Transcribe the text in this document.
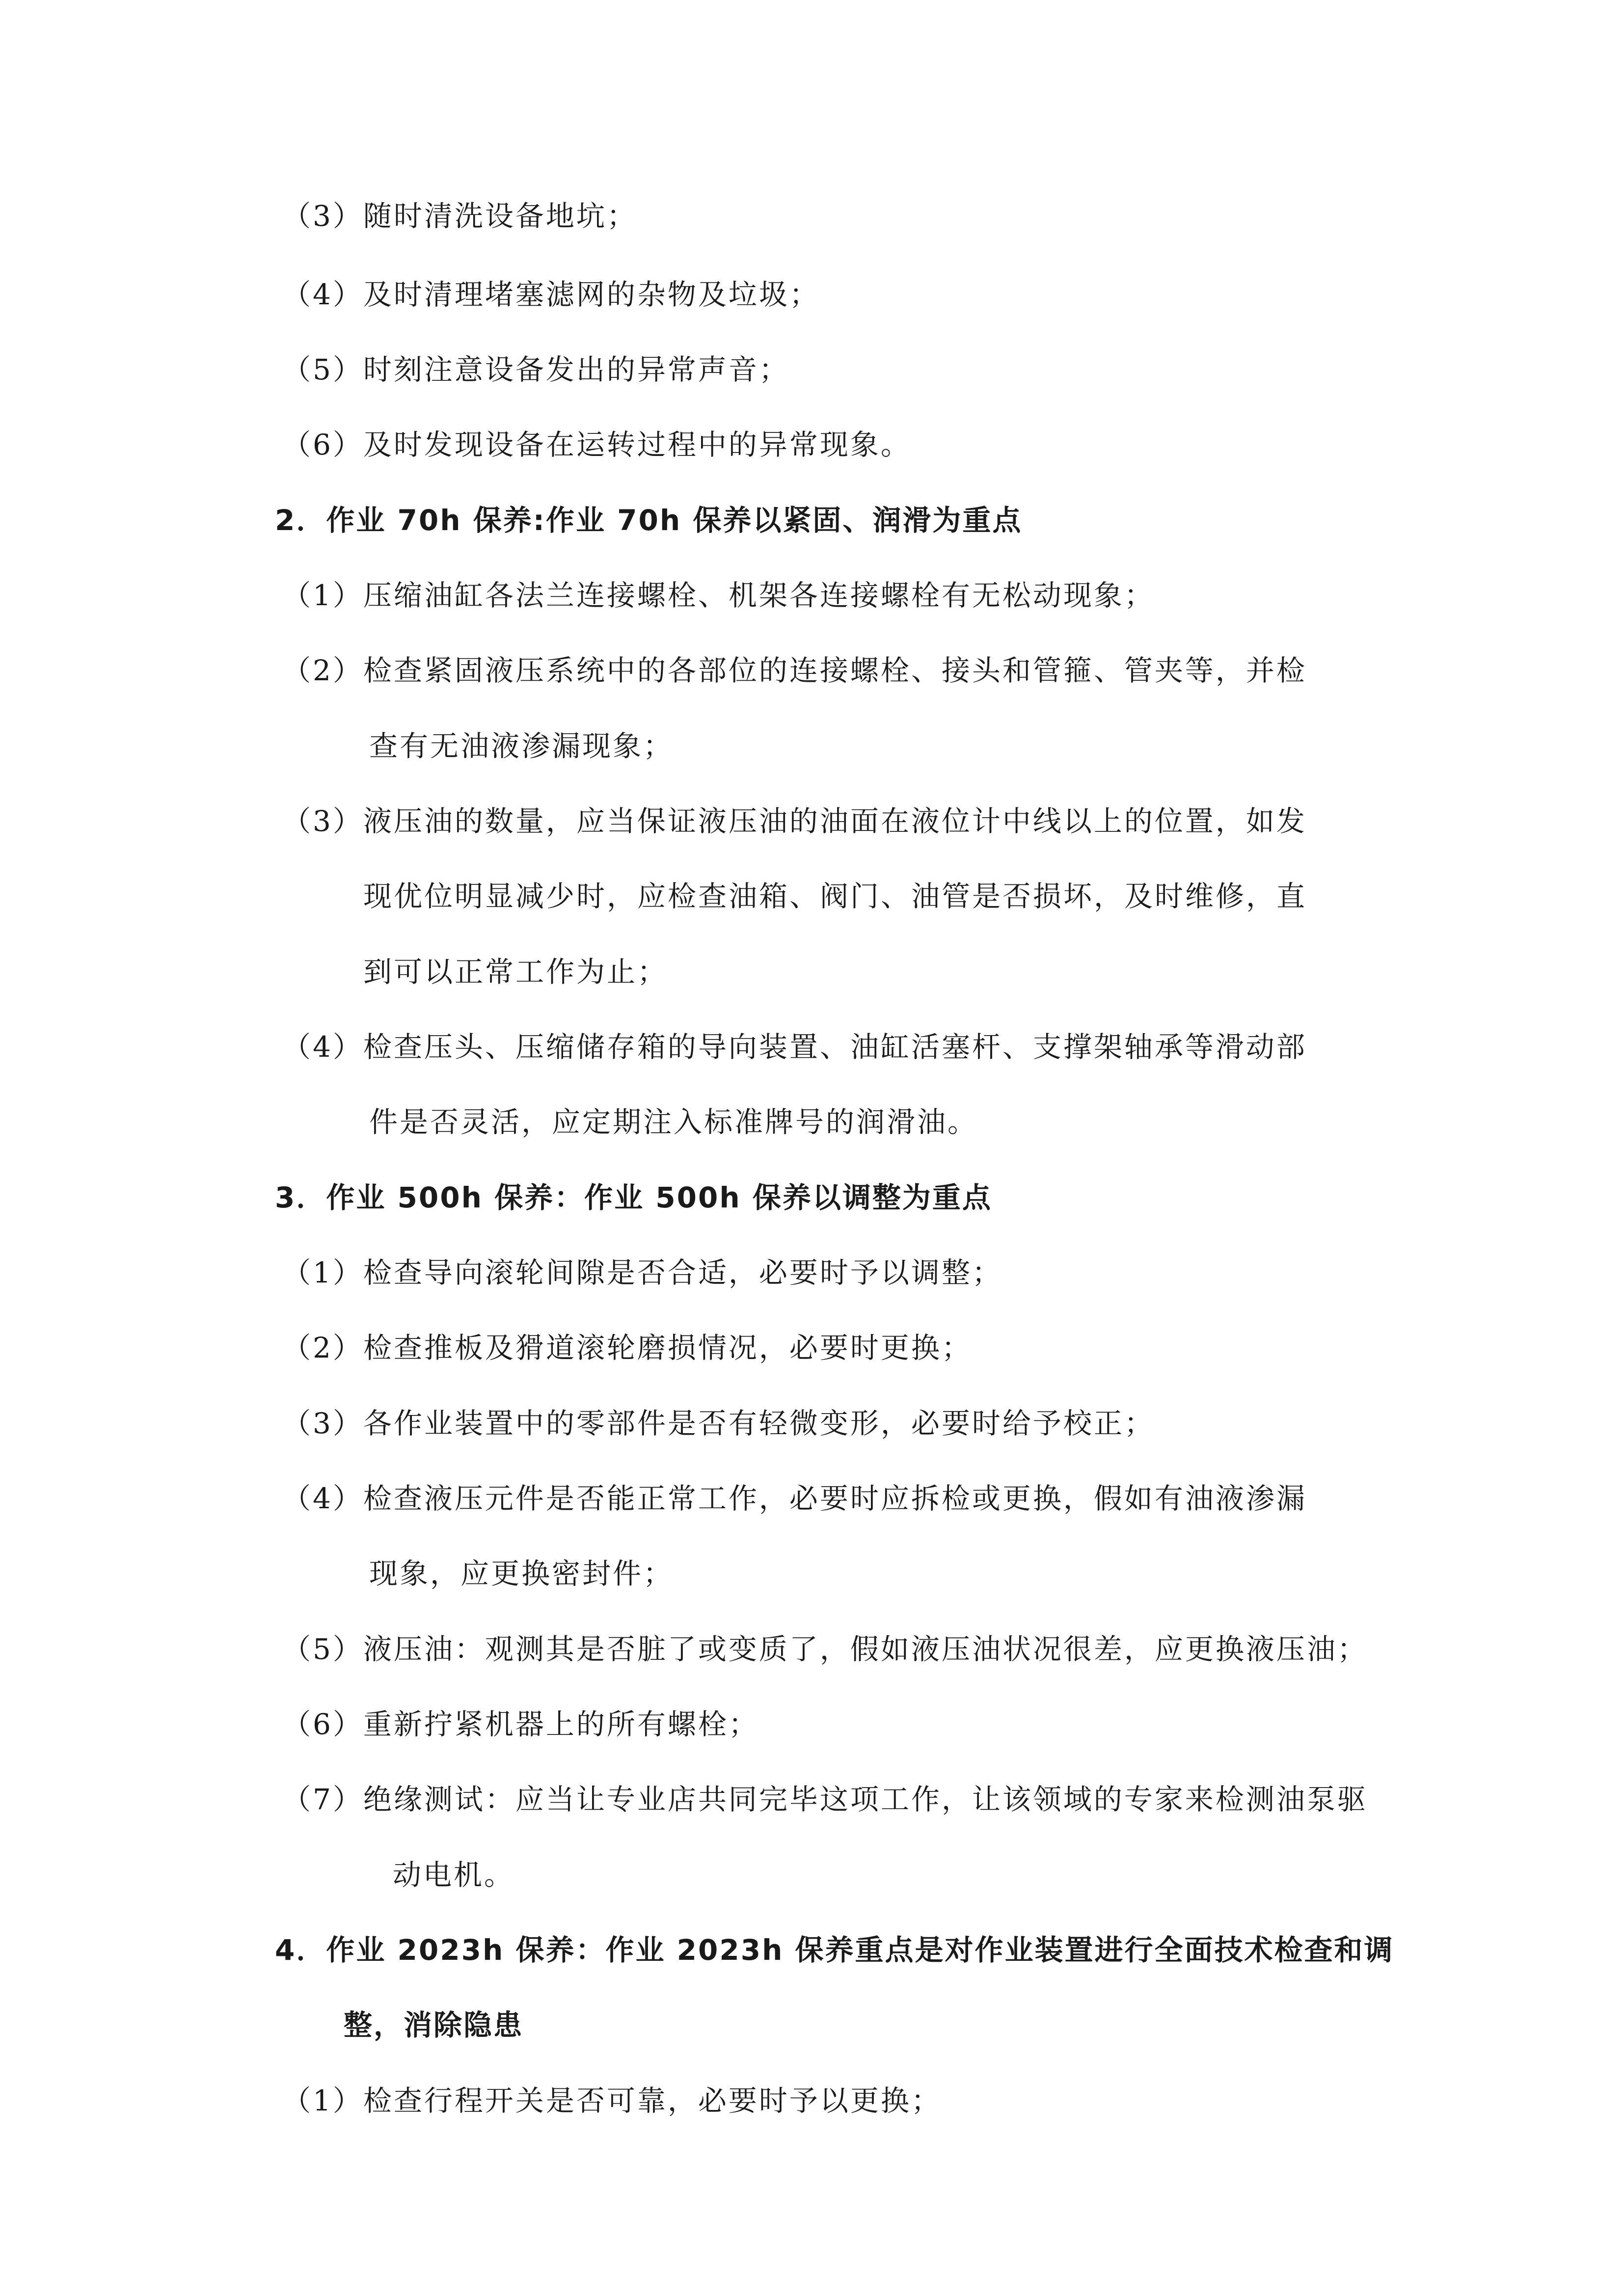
（3）随时清洗设备地坑；
（4）及时清理堵塞滤网的杂物及垃圾；
（5）时刻注意设备发出的异常声音；
（6）及时发现设备在运转过程中的异常现象。
2．作业 70h 保养:作业 70h 保养以紧固、润滑为重点
（1）压缩油缸各法兰连接螺栓、机架各连接螺栓有无松动现象；
（2）检查紧固液压系统中的各部位的连接螺栓、接头和管箍、管夹等，并检
查有无油液渗漏现象；
（3）液压油的数量，应当保证液压油的油面在液位计中线以上的位置，如发
现优位明显减少时，应检查油箱、阀门、油管是否损坏，及时维修，直
到可以正常工作为止；
（4）检查压头、压缩储存箱的导向装置、油缸活塞杆、支撑架轴承等滑动部
件是否灵活，应定期注入标准牌号的润滑油。
3．作业 500h 保养：作业 500h 保养以调整为重点
（1）检查导向滚轮间隙是否合适，必要时予以调整；
（2）检查推板及猾道滚轮磨损情况，必要时更换；
（3）各作业装置中的零部件是否有轻微变形，必要时给予校正；
（4）检查液压元件是否能正常工作，必要时应拆检或更换，假如有油液渗漏
现象，应更换密封件；
（5）液压油：观测其是否脏了或变质了，假如液压油状况很差，应更换液压油；
（6）重新拧紧机器上的所有螺栓；
（7）绝缘测试：应当让专业店共同完毕这项工作，让该领域的专家来检测油泵驱
动电机。
4．作业 2023h 保养：作业 2023h 保养重点是对作业装置进行全面技术检查和调
整，消除隐患
（1）检查行程开关是否可靠，必要时予以更换；
